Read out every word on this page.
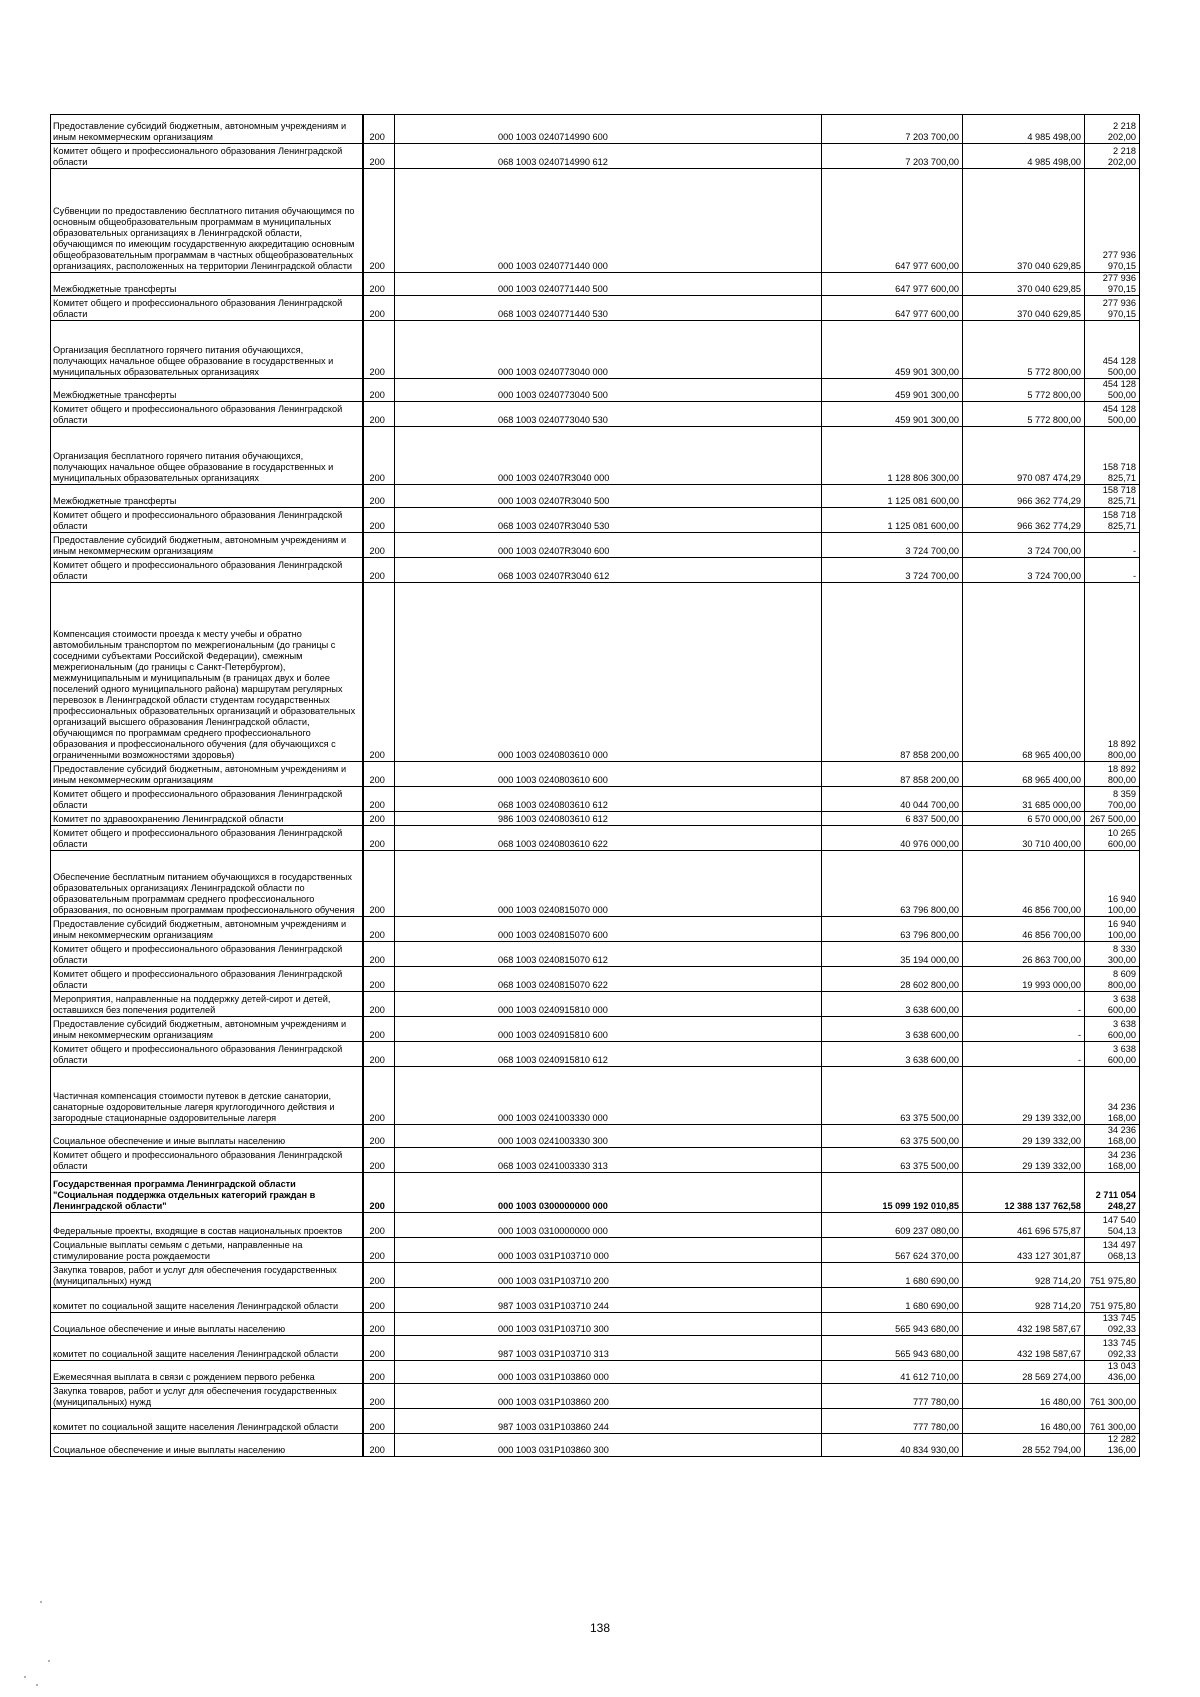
Предоставление субсидий бюджетным, автономным учреждениям и иным некоммерческим организациям	200	000 1003 0240714990 600	7 203 700,00	4 985 498,00	2 218 202,00
Комитет общего и профессионального образования Ленинградской области	200	068 1003 0240714990 612	7 203 700,00	4 985 498,00	2 218 202,00
Субвенции по предоставлению бесплатного питания обучающимся по основным общеобразовательным программам в муниципальных образовательных организациях в Ленинградской области, обучающимся по имеющим государственную аккредитацию основным общеобразовательным программам в частных общеобразовательных организациях, расположенных на территории Ленинградской области	200	000 1003 0240771440 000	647 977 600,00	370 040 629,85	277 936 970,15
Межбюджетные трансферты	200	000 1003 0240771440 500	647 977 600,00	370 040 629,85	277 936 970,15
Комитет общего и профессионального образования Ленинградской области	200	068 1003 0240771440 530	647 977 600,00	370 040 629,85	277 936 970,15
Организация бесплатного горячего питания обучающихся, получающих начальное общее образование в государственных и муниципальных образовательных организациях	200	000 1003 0240773040 000	459 901 300,00	5 772 800,00	454 128 500,00
Межбюджетные трансферты	200	000 1003 0240773040 500	459 901 300,00	5 772 800,00	454 128 500,00
Комитет общего и профессионального образования Ленинградской области	200	068 1003 0240773040 530	459 901 300,00	5 772 800,00	454 128 500,00
Организация бесплатного горячего питания обучающихся, получающих начальное общее образование в государственных и муниципальных образовательных организациях	200	000 1003 02407R3040 000	1 128 806 300,00	970 087 474,29	158 718 825,71
Межбюджетные трансферты	200	000 1003 02407R3040 500	1 125 081 600,00	966 362 774,29	158 718 825,71
Комитет общего и профессионального образования Ленинградской области	200	068 1003 02407R3040 530	1 125 081 600,00	966 362 774,29	158 718 825,71
Предоставление субсидий бюджетным, автономным учреждениям и иным некоммерческим организациям	200	000 1003 02407R3040 600	3 724 700,00	3 724 700,00	-
Комитет общего и профессионального образования Ленинградской области	200	068 1003 02407R3040 612	3 724 700,00	3 724 700,00	-
Компенсация стоимости проезда к месту учебы и обратно автомобильным транспортом по межрегиональным (до границы с соседними субъектами Российской Федерации), смежным межрегиональным (до границы с Санкт-Петербургом), межмуниципальным и муниципальным (в границах двух и более поселений одного муниципального района) маршрутам регулярных перевозок в Ленинградской области студентам государственных профессиональных образовательных организаций и образовательных организаций высшего образования Ленинградской области, обучающимся по программам среднего профессионального образования и профессионального обучения (для обучающихся с ограниченными возможностями здоровья)	200	000 1003 0240803610 000	87 858 200,00	68 965 400,00	18 892 800,00
Предоставление субсидий бюджетным, автономным учреждениям и иным некоммерческим организациям	200	000 1003 0240803610 600	87 858 200,00	68 965 400,00	18 892 800,00
Комитет общего и профессионального образования Ленинградской области	200	068 1003 0240803610 612	40 044 700,00	31 685 000,00	8 359 700,00
Комитет по здравоохранению Ленинградской области	200	986 1003 0240803610 612	6 837 500,00	6 570 000,00	267 500,00
Комитет общего и профессионального образования Ленинградской области	200	068 1003 0240803610 622	40 976 000,00	30 710 400,00	10 265 600,00
Обеспечение бесплатным питанием обучающихся в государственных образовательных организациях Ленинградской области по образовательным программам среднего профессионального образования, по основным программам профессионального обучения	200	000 1003 0240815070 000	63 796 800,00	46 856 700,00	16 940 100,00
Предоставление субсидий бюджетным, автономным учреждениям и иным некоммерческим организациям	200	000 1003 0240815070 600	63 796 800,00	46 856 700,00	16 940 100,00
Комитет общего и профессионального образования Ленинградской области	200	068 1003 0240815070 612	35 194 000,00	26 863 700,00	8 330 300,00
Комитет общего и профессионального образования Ленинградской области	200	068 1003 0240815070 622	28 602 800,00	19 993 000,00	8 609 800,00
Мероприятия, направленные на поддержку детей-сирот и детей, оставшихся без попечения родителей	200	000 1003 0240915810 000	3 638 600,00	-	3 638 600,00
Предоставление субсидий бюджетным, автономным учреждениям и иным некоммерческим организациям	200	000 1003 0240915810 600	3 638 600,00	-	3 638 600,00
Комитет общего и профессионального образования Ленинградской области	200	068 1003 0240915810 612	3 638 600,00	-	3 638 600,00
Частичная компенсация стоимости путевок в детские санатории, санаторные оздоровительные лагеря круглогодичного действия и загородные стационарные оздоровительные лагеря	200	000 1003 0241003330 000	63 375 500,00	29 139 332,00	34 236 168,00
Социальное обеспечение и иные выплаты населению	200	000 1003 0241003330 300	63 375 500,00	29 139 332,00	34 236 168,00
Комитет общего и профессионального образования Ленинградской области	200	068 1003 0241003330 313	63 375 500,00	29 139 332,00	34 236 168,00
Государственная программа Ленинградской области "Социальная поддержка отдельных категорий граждан в Ленинградской области"	200	000 1003 0300000000 000	15 099 192 010,85	12 388 137 762,58	2 711 054 248,27
Федеральные проекты, входящие в состав национальных проектов	200	000 1003 0310000000 000	609 237 080,00	461 696 575,87	147 540 504,13
Социальные выплаты семьям с детьми, направленные на стимулирование роста рождаемости	200	000 1003 031P103710 000	567 624 370,00	433 127 301,87	134 497 068,13
Закупка товаров, работ и услуг для обеспечения государственных (муниципальных) нужд	200	000 1003 031P103710 200	1 680 690,00	928 714,20	751 975,80
комитет по социальной защите населения Ленинградской области	200	987 1003 031P103710 244	1 680 690,00	928 714,20	751 975,80
Социальное обеспечение и иные выплаты населению	200	000 1003 031P103710 300	565 943 680,00	432 198 587,67	133 745 092,33
комитет по социальной защите населения Ленинградской области	200	987 1003 031P103710 313	565 943 680,00	432 198 587,67	133 745 092,33
Ежемесячная выплата в связи с рождением первого ребенка	200	000 1003 031P103860 000	41 612 710,00	28 569 274,00	13 043 436,00
Закупка товаров, работ и услуг для обеспечения государственных (муниципальных) нужд	200	000 1003 031P103860 200	777 780,00	16 480,00	761 300,00
комитет по социальной защите населения Ленинградской области	200	987 1003 031P103860 244	777 780,00	16 480,00	761 300,00
Социальное обеспечение и иные выплаты населению	200	000 1003 031P103860 300	40 834 930,00	28 552 794,00	12 282 136,00
138
